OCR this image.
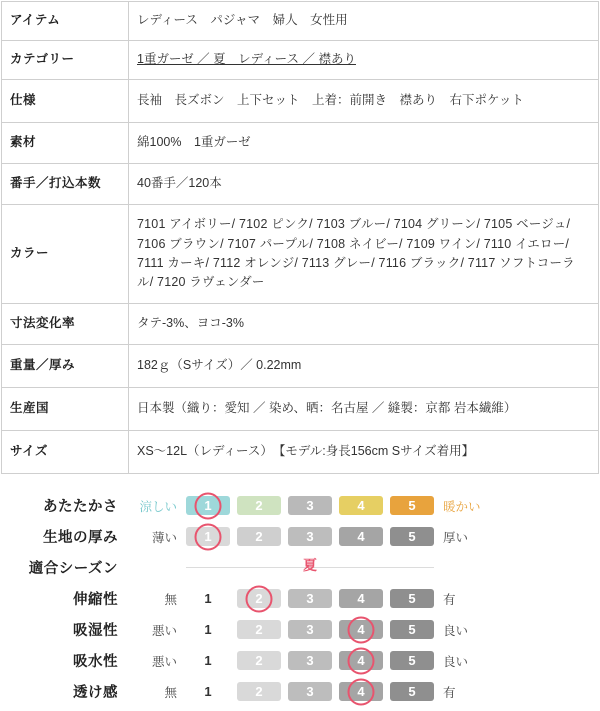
アイテム	レディース　パジャマ　婦人　女性用
カテゴリー	1重ガーゼ ／ 夏　レディース ／ 襟あり
仕様	長袖　長ズボン　上下セット　上着：前開き　襟あり　右下ポケット
素材	綿100%　1重ガーゼ
番手／打込本数	40番手／120本
カラー	7101 アイボリー/ 7102 ピンク/ 7103 ブルー/ 7104 グリーン/ 7105 ベージュ/ 7106 ブラウン/ 7107 パープル/ 7108 ネイビー/ 7109 ワイン/ 7110 イエロー/ 7111 カーキ/ 7112 オレンジ/ 7113 グレー/ 7116 ブラック/ 7117 ソフトコーラル/ 7120 ラヴェンダー
寸法変化率	タテ-3%、ヨコ-3%
重量／厚み	182ｇ（Sサイズ）／ 0.22mm
生産国	日本製（織り：愛知 ／ 染め、晒：名古屋 ／ 縫製：京都 岩本繊維）
サイズ	XS〜12L（レディース）　【モデル:身長156cm Sサイズ着用】
あたたかさ	涼しい	1	2	3	4	5	暖かい
生地の厚み	薄い	1	2	3	4	5	厚い
適合シーズン	夏
伸縮性	無	1	2	3	4	5	有
吸湿性	悪い	1	2	3	4	5	良い
吸水性	悪い	1	2	3	4	5	良い
透け感	無	1	2	3	4	5	有
